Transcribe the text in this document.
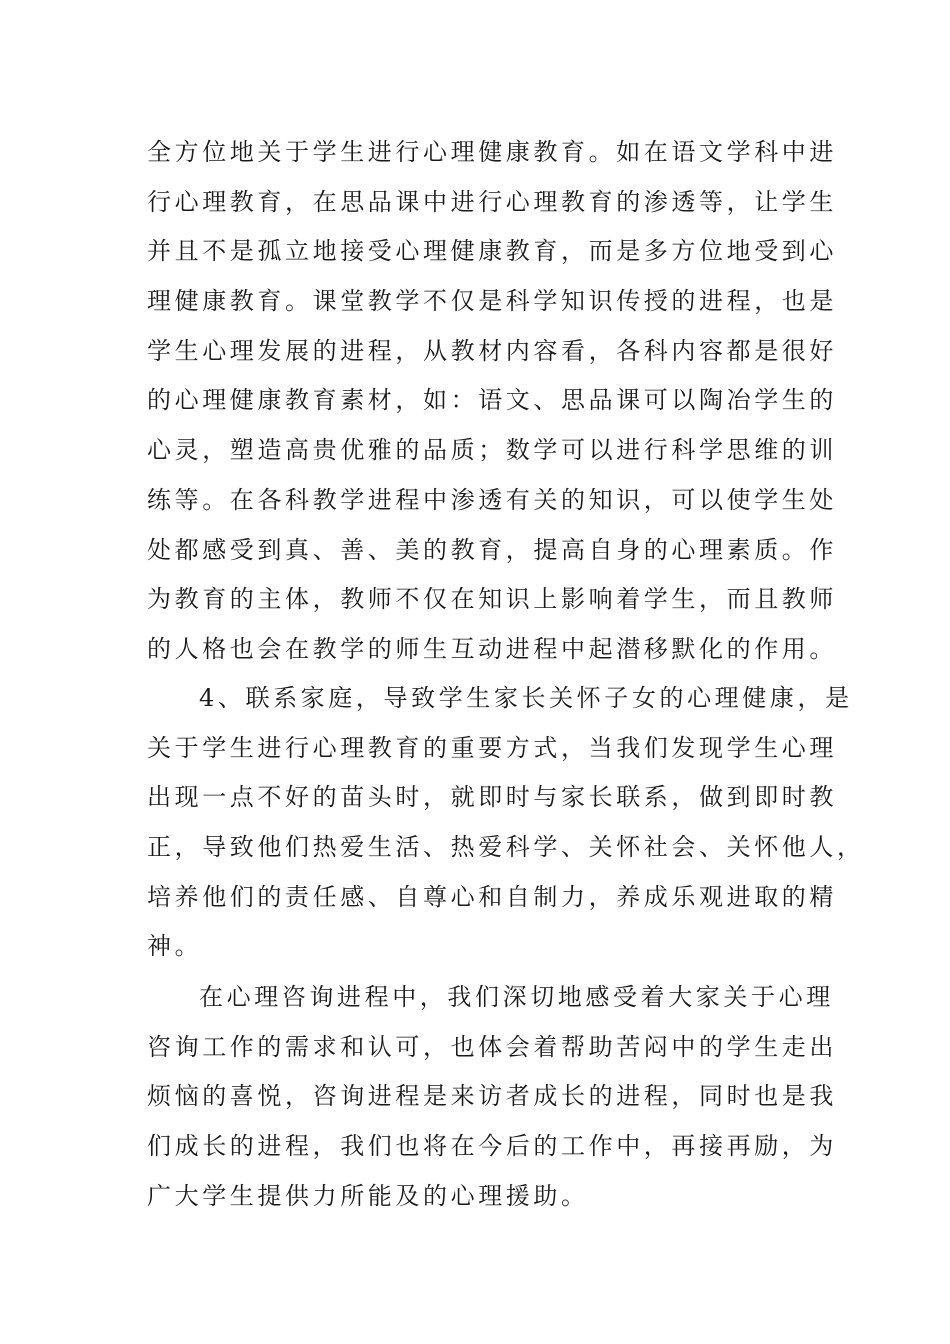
全方位地关于学生进行心理健康教育。如在语文学科中进
行心理教育，在思品课中进行心理教育的渗透等，让学生
并且不是孤立地接受心理健康教育，而是多方位地受到心
理健康教育。课堂教学不仅是科学知识传授的进程，也是
学生心理发展的进程，从教材内容看，各科内容都是很好
的心理健康教育素材，如：语文、思品课可以陶冶学生的
心灵，塑造高贵优雅的品质；数学可以进行科学思维的训
练等。在各科教学进程中渗透有关的知识，可以使学生处
处都感受到真、善、美的教育，提高自身的心理素质。作
为教育的主体，教师不仅在知识上影响着学生，而且教师
的人格也会在教学的师生互动进程中起潜移默化的作用。
4、联系家庭，导致学生家长关怀子女的心理健康，是
关于学生进行心理教育的重要方式，当我们发现学生心理
出现一点不好的苗头时，就即时与家长联系，做到即时教
正，导致他们热爱生活、热爱科学、关怀社会、关怀他人，
培养他们的责任感、自尊心和自制力，养成乐观进取的精
神。
在心理咨询进程中，我们深切地感受着大家关于心理
咨询工作的需求和认可，也体会着帮助苦闷中的学生走出
烦恼的喜悦，咨询进程是来访者成长的进程，同时也是我
们成长的进程，我们也将在今后的工作中，再接再励，为
广大学生提供力所能及的心理援助。
